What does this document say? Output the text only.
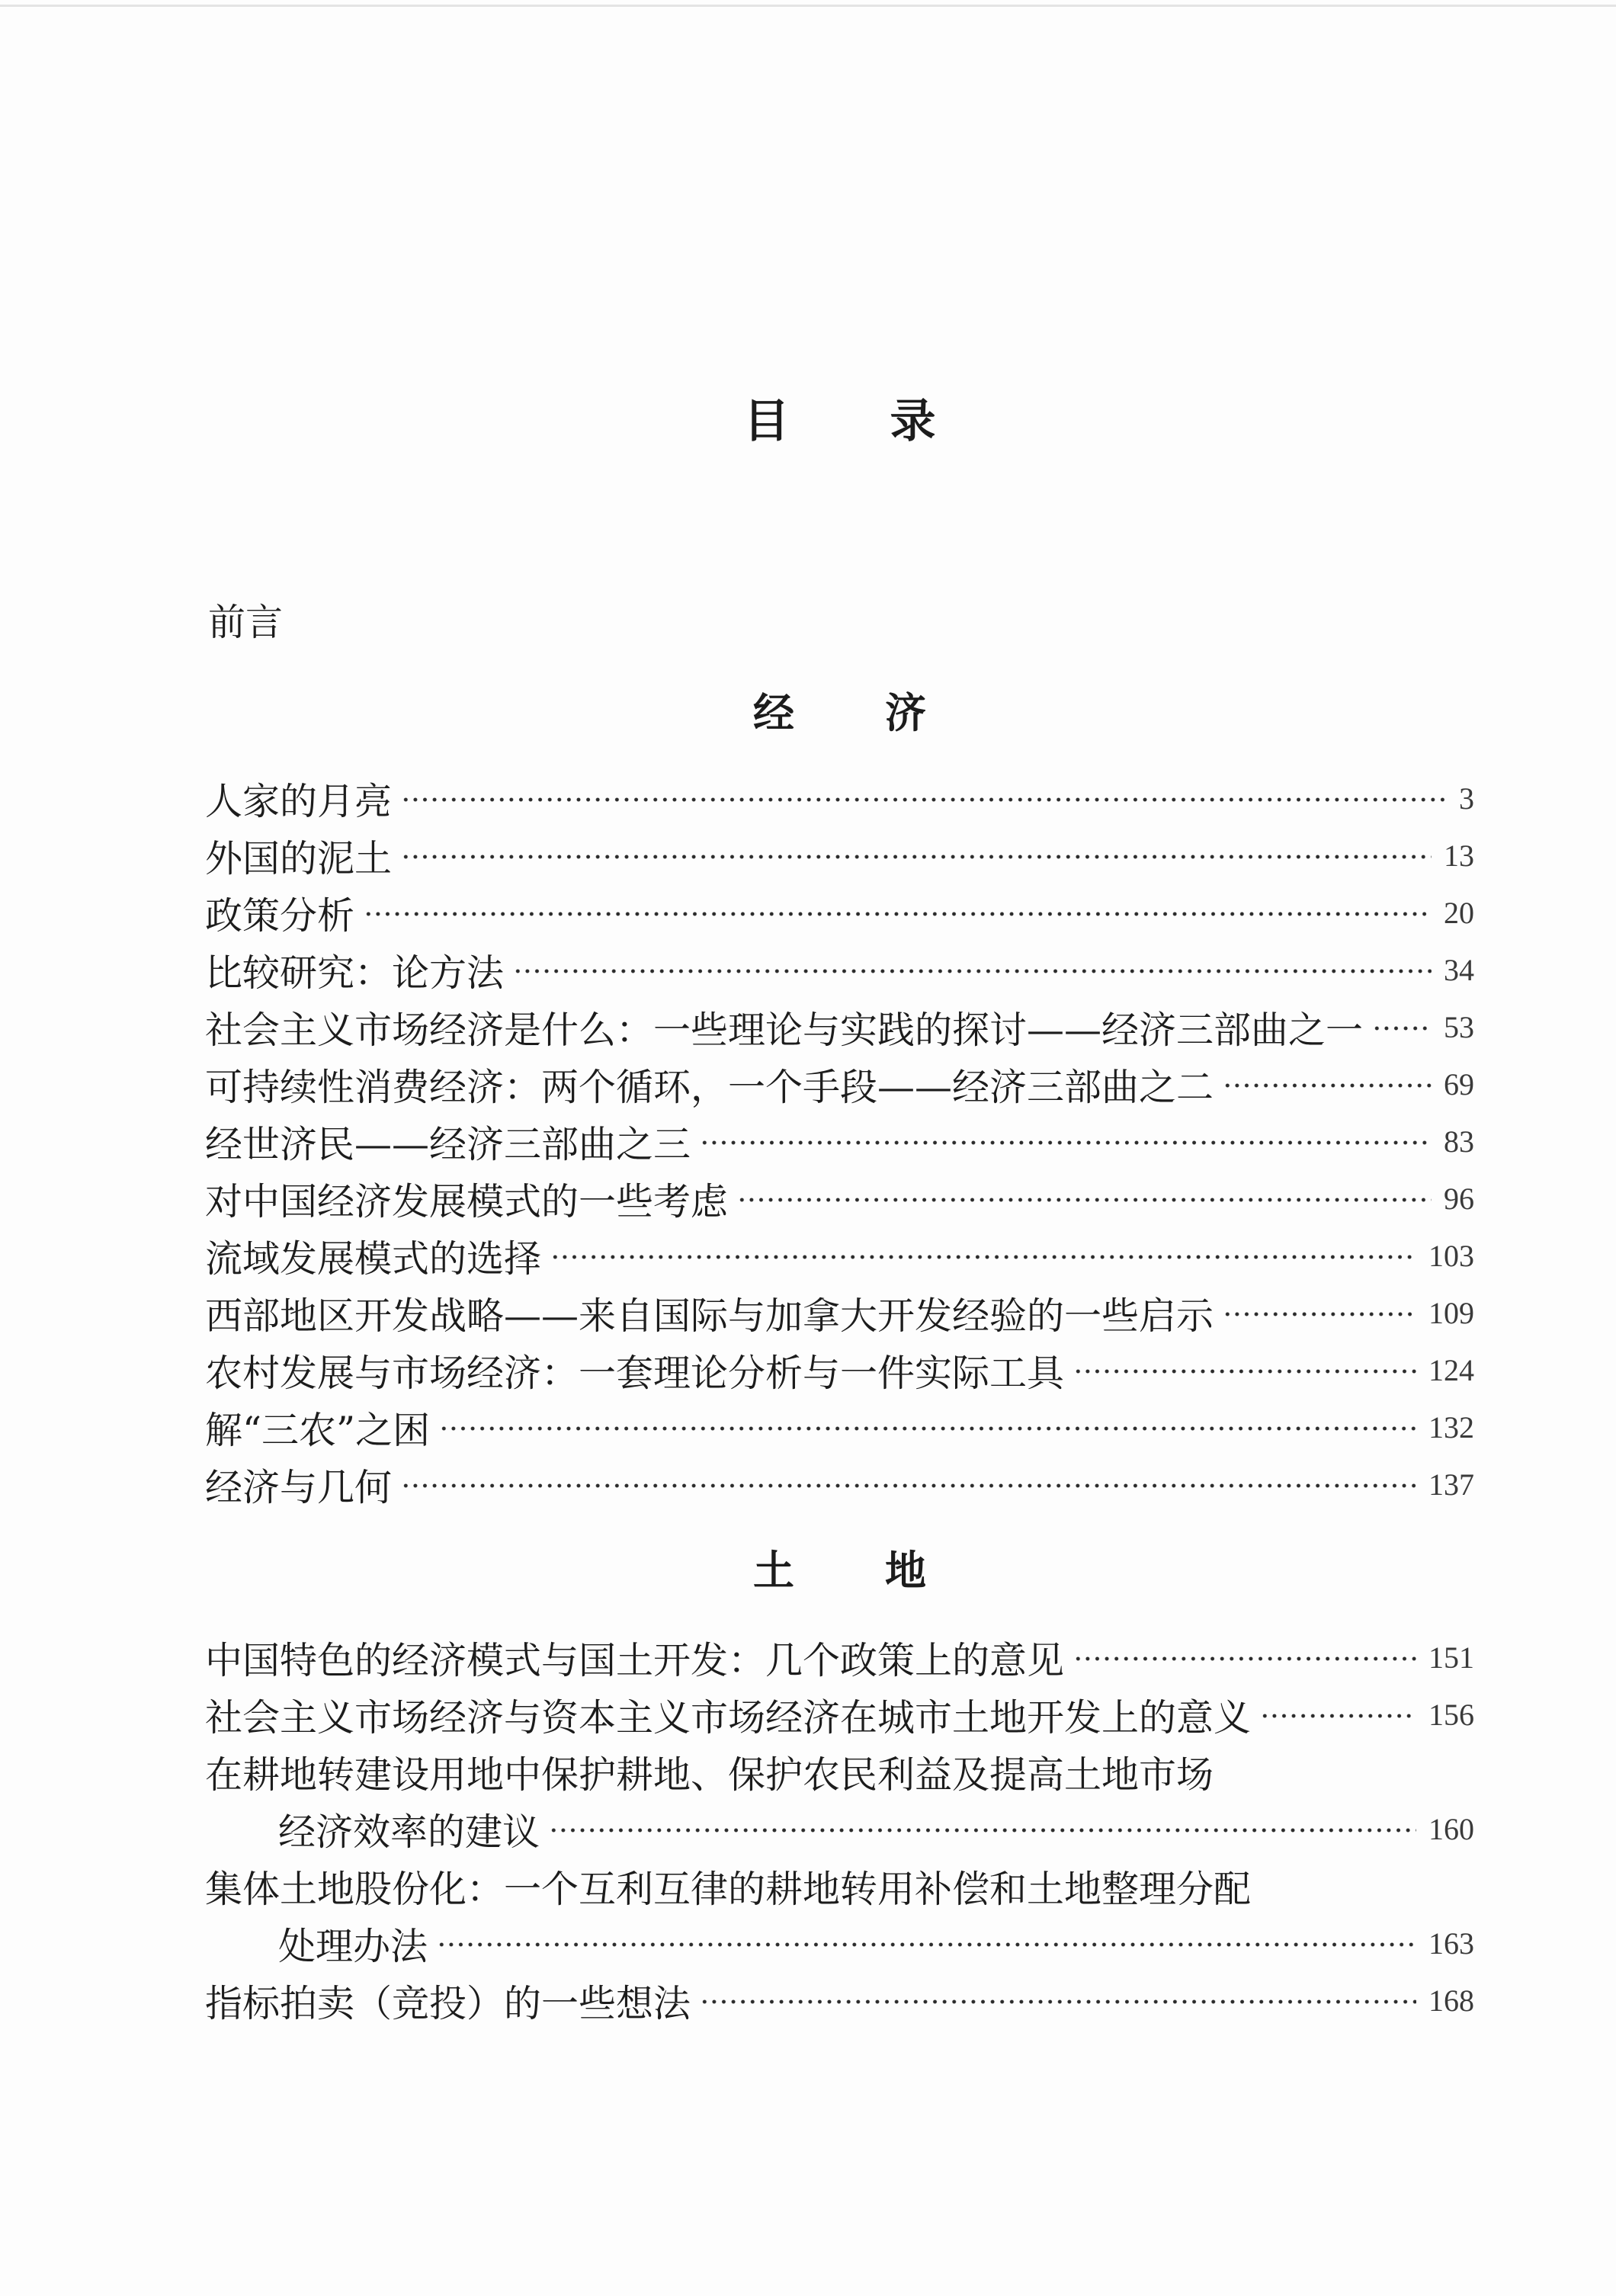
目录
前言
经济
人家的月亮	3
外国的泥土	13
政策分析	20
比较研究：论方法	34
社会主义市场经济是什么：一些理论与实践的探讨——经济三部曲之一	53
可持续性消费经济：两个循环，一个手段——经济三部曲之二	69
经世济民——经济三部曲之三	83
对中国经济发展模式的一些考虑	96
流域发展模式的选择	103
西部地区开发战略——来自国际与加拿大开发经验的一些启示	109
农村发展与市场经济：一套理论分析与一件实际工具	124
解“三农”之困	132
经济与几何	137
土地
中国特色的经济模式与国土开发：几个政策上的意见	151
社会主义市场经济与资本主义市场经济在城市土地开发上的意义	156
在耕地转建设用地中保护耕地、保护农民利益及提高土地市场
经济效率的建议	160
集体土地股份化：一个互利互律的耕地转用补偿和土地整理分配
处理办法	163
指标拍卖（竞投）的一些想法	168
